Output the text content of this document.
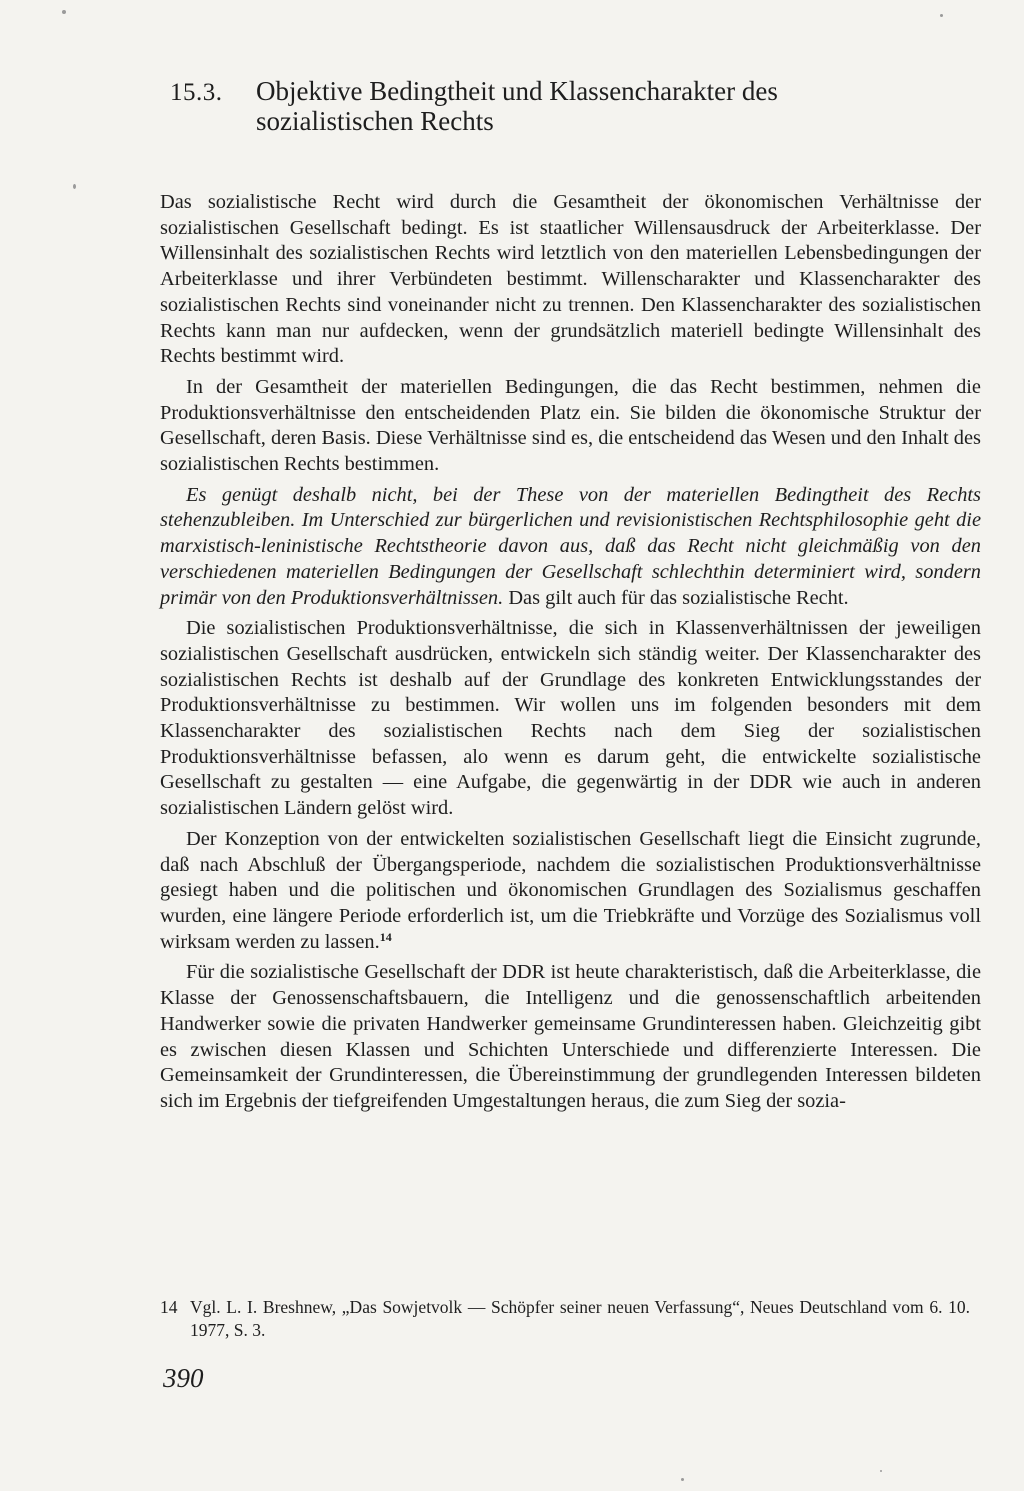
15.3.	Objektive Bedingtheit und Klassencharakter des sozialistischen Rechts

Das sozialistische Recht wird durch die Gesamtheit der ökonomischen Verhältnisse der sozialistischen Gesellschaft bedingt. Es ist staatlicher Willensausdruck der Arbeiterklasse. Der Willensinhalt des sozialistischen Rechts wird letztlich von den materiellen Lebensbedingungen der Arbeiterklasse und ihrer Verbündeten bestimmt. Willenscharakter und Klassencharakter des sozialistischen Rechts sind voneinander nicht zu trennen. Den Klassencharakter des sozialistischen Rechts kann man nur aufdecken, wenn der grundsätzlich materiell bedingte Willensinhalt des Rechts bestimmt wird.

In der Gesamtheit der materiellen Bedingungen, die das Recht bestimmen, nehmen die Produktionsverhältnisse den entscheidenden Platz ein. Sie bilden die ökonomische Struktur der Gesellschaft, deren Basis. Diese Verhältnisse sind es, die entscheidend das Wesen und den Inhalt des sozialistischen Rechts bestimmen.

Es genügt deshalb nicht, bei der These von der materiellen Bedingtheit des Rechts stehenzubleiben. Im Unterschied zur bürgerlichen und revisionistischen Rechtsphilosophie geht die marxistisch-leninistische Rechtstheorie davon aus, daß das Recht nicht gleichmäßig von den verschiedenen materiellen Bedingungen der Gesellschaft schlechthin determiniert wird, sondern primär von den Produktionsverhältnissen. Das gilt auch für das sozialistische Recht.

Die sozialistischen Produktionsverhältnisse, die sich in Klassenverhältnissen der jeweiligen sozialistischen Gesellschaft ausdrücken, entwickeln sich ständig weiter. Der Klassencharakter des sozialistischen Rechts ist deshalb auf der Grundlage des konkreten Entwicklungsstandes der Produktionsverhältnisse zu bestimmen. Wir wollen uns im folgenden besonders mit dem Klassencharakter des sozialistischen Rechts nach dem Sieg der sozialistischen Produktionsverhältnisse befassen, alo wenn es darum geht, die entwickelte sozialistische Gesellschaft zu gestalten — eine Aufgabe, die gegenwärtig in der DDR wie auch in anderen sozialistischen Ländern gelöst wird.

Der Konzeption von der entwickelten sozialistischen Gesellschaft liegt die Einsicht zugrunde, daß nach Abschluß der Übergangsperiode, nachdem die sozialistischen Produktionsverhältnisse gesiegt haben und die politischen und ökonomischen Grundlagen des Sozialismus geschaffen wurden, eine längere Periode erforderlich ist, um die Triebkräfte und Vorzüge des Sozialismus voll wirksam werden zu lassen.$^{14}$

Für die sozialistische Gesellschaft der DDR ist heute charakteristisch, daß die Arbeiterklasse, die Klasse der Genossenschaftsbauern, die Intelligenz und die genossenschaftlich arbeitenden Handwerker sowie die privaten Handwerker gemeinsame Grundinteressen haben. Gleichzeitig gibt es zwischen diesen Klassen und Schichten Unterschiede und differenzierte Interessen. Die Gemeinsamkeit der Grundinteressen, die Übereinstimmung der grundlegenden Interessen bildeten sich im Ergebnis der tiefgreifenden Umgestaltungen heraus, die zum Sieg der sozia-

14 Vgl. L. I. Breshnew, „Das Sowjetvolk — Schöpfer seiner neuen Verfassung“, Neues Deutschland vom 6. 10. 1977, S. 3.
390
